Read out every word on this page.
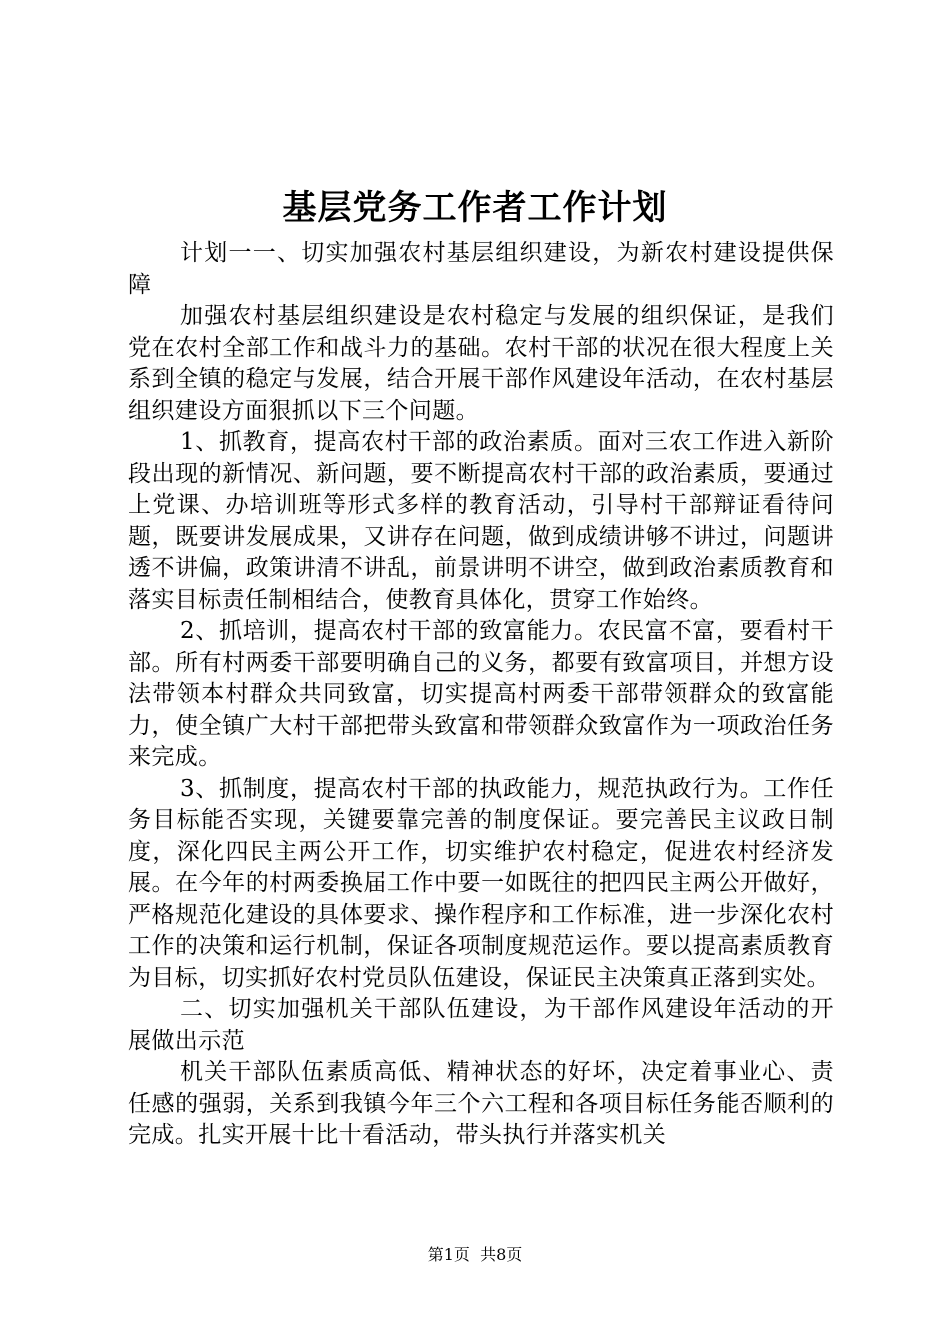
基层党务工作者工作计划

计划一一、切实加强农村基层组织建设，为新农村建设提供保障

加强农村基层组织建设是农村稳定与发展的组织保证，是我们党在农村全部工作和战斗力的基础。农村干部的状况在很大程度上关系到全镇的稳定与发展，结合开展干部作风建设年活动，在农村基层组织建设方面狠抓以下三个问题。

1、抓教育，提高农村干部的政治素质。面对三农工作进入新阶段出现的新情况、新问题，要不断提高农村干部的政治素质，要通过上党课、办培训班等形式多样的教育活动，引导村干部辩证看待问题，既要讲发展成果，又讲存在问题，做到成绩讲够不讲过，问题讲透不讲偏，政策讲清不讲乱，前景讲明不讲空，做到政治素质教育和落实目标责任制相结合，使教育具体化，贯穿工作始终。

2、抓培训，提高农村干部的致富能力。农民富不富，要看村干部。所有村两委干部要明确自己的义务，都要有致富项目，并想方设法带领本村群众共同致富，切实提高村两委干部带领群众的致富能力，使全镇广大村干部把带头致富和带领群众致富作为一项政治任务来完成。

3、抓制度，提高农村干部的执政能力，规范执政行为。工作任务目标能否实现，关键要靠完善的制度保证。要完善民主议政日制度，深化四民主两公开工作，切实维护农村稳定，促进农村经济发展。在今年的村两委换届工作中要一如既往的把四民主两公开做好，严格规范化建设的具体要求、操作程序和工作标准，进一步深化农村工作的决策和运行机制，保证各项制度规范运作。要以提高素质教育为目标，切实抓好农村党员队伍建设，保证民主决策真正落到实处。

二、切实加强机关干部队伍建设，为干部作风建设年活动的开展做出示范

机关干部队伍素质高低、精神状态的好坏，决定着事业心、责任感的强弱，关系到我镇今年三个六工程和各项目标任务能否顺利的完成。扎实开展十比十看活动，带头执行并落实机关

第1页 共8页
